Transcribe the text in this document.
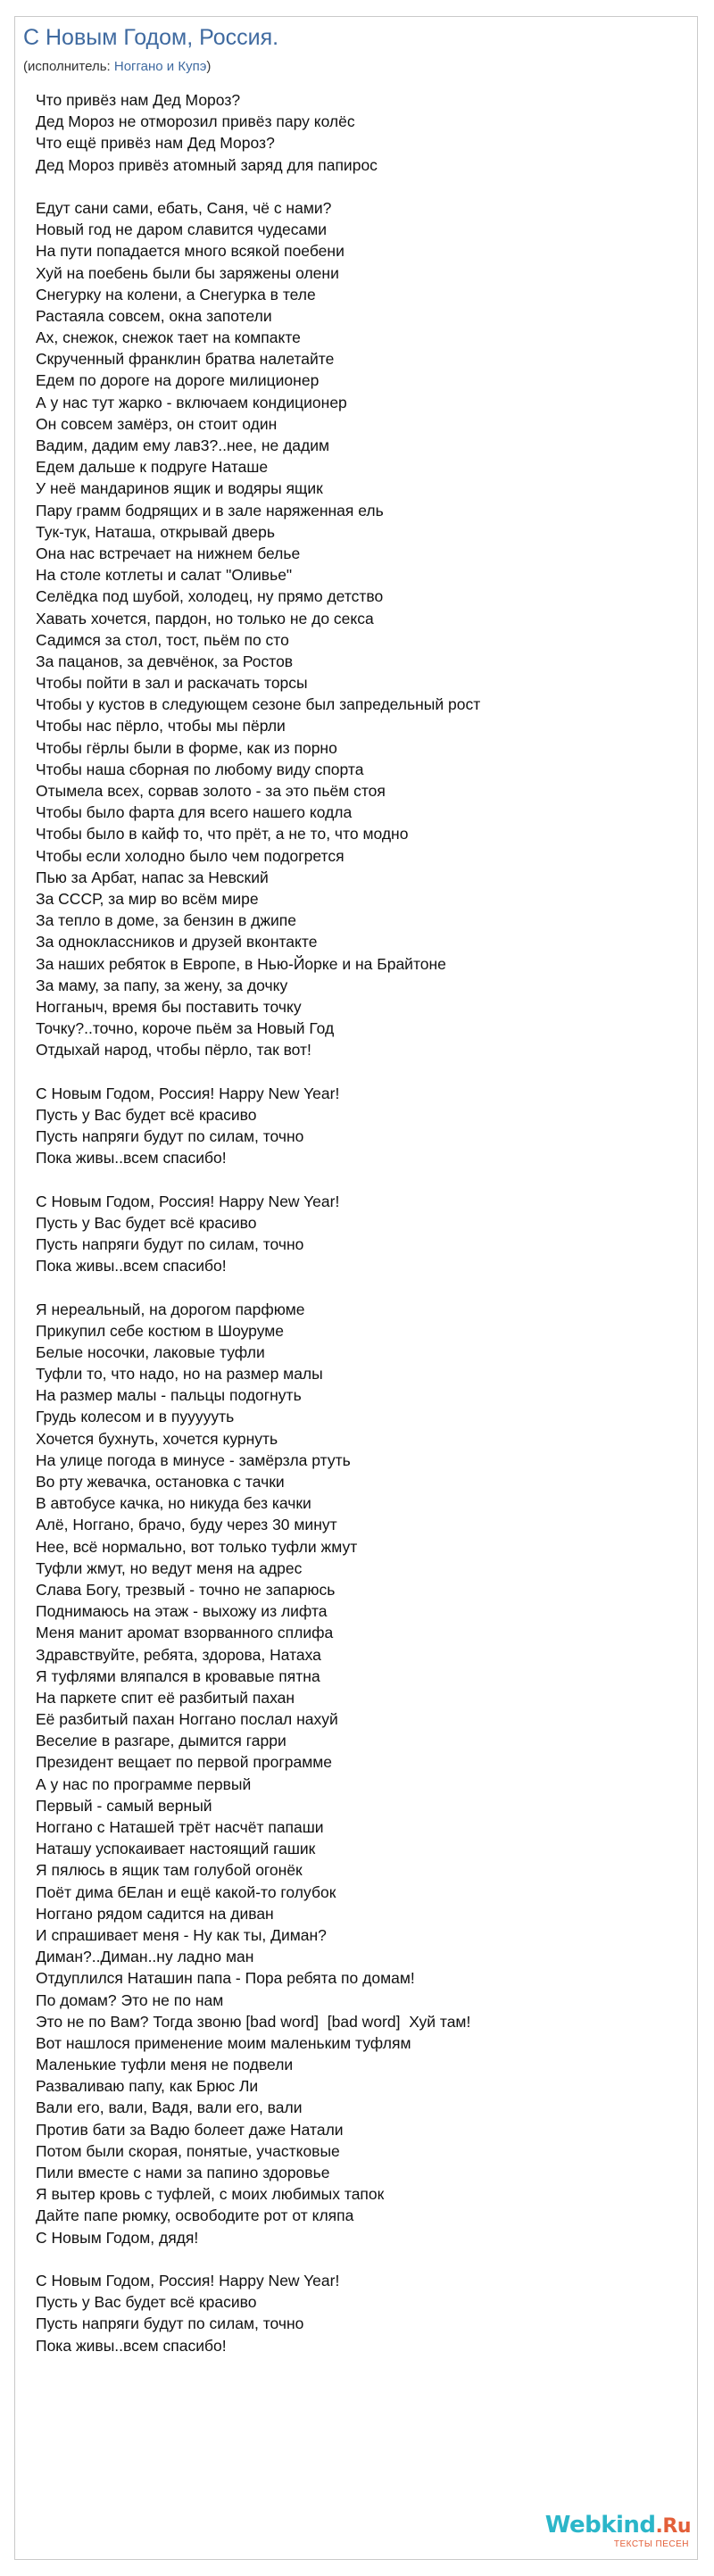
С Новым Годом, Россия.
(исполнитель: Ноггано и Купэ)
Что привёз нам Дед Мороз?
Дед Мороз не отморозил привёз пару колёс
Что ещё привёз нам Дед Мороз?
Дед Мороз привёз атомный заряд для папирос
Едут сани сами, ебать, Саня, чё с нами?
Новый год не даром славится чудесами
На пути попадается много всякой поебени
Хуй на поебень были бы заряжены олени
Снегурку на колени, а Снегурка в теле
Растаяла совсем, окна запотели
Ах, снежок, снежок тает на компакте
Скрученный франклин братва налетайте
Едем по дороге на дороге милиционер
А у нас тут жарко - включаем кондиционер
Он совсем замёрз, он стоит один
Вадим, дадим ему лав3?..нее, не дадим
Едем дальше к подруге Наташе
У неё мандаринов ящик и водяры ящик
Пару грамм бодрящих и в зале наряженная ель
Тук-тук, Наташа, открывай дверь
Она нас встречает на нижнем белье
На столе котлеты и салат "Оливье"
Селёдка под шубой, холодец, ну прямо детство
Хавать хочется, пардон, но только не до секса
Садимся за стол, тост, пьём по сто
За пацанов, за девчёнок, за Ростов
Чтобы пойти в зал и раскачать торсы
Чтобы у кустов в следующем сезоне был запредельный рост
Чтобы нас пёрло, чтобы мы пёрли
Чтобы гёрлы были в форме, как из порно
Чтобы наша сборная по любому виду спорта
Отымела всех, сорвав золото - за это пьём стоя
Чтобы было фарта для всего нашего кодла
Чтобы было в кайф то, что прёт, а не то, что модно
Чтобы если холодно было чем подогрется
Пью за Арбат, напас за Невский
За СССР, за мир во всём мире
За тепло в доме, за бензин в джипе
За одноклассников и друзей вконтакте
За наших ребяток в Европе, в Нью-Йорке и на Брайтоне
За маму, за папу, за жену, за дочку
Ногганыч, время бы поставить точку
Точку?..точно, короче пьём за Новый Год
Отдыхай народ, чтобы пёрло, так вот!
С Новым Годом, Россия! Happy New Year!
Пусть у Вас будет всё красиво
Пусть напряги будут по силам, точно
Пока живы..всем спасибо!
С Новым Годом, Россия! Happy New Year!
Пусть у Вас будет всё красиво
Пусть напряги будут по силам, точно
Пока живы..всем спасибо!
Я нереальный, на дорогом парфюме
Прикупил себе костюм в Шоуруме
Белые носочки, лаковые туфли
Туфли то, что надо, но на размер малы
На размер малы - пальцы подогнуть
Грудь колесом и в пуууууть
Хочется бухнуть, хочется курнуть
На улице погода в минусе - замёрзла ртуть
Во рту жевачка, остановка с тачки
В автобусе качка, но никуда без качки
Алё, Ноггано, брачо, буду через 30 минут
Нее, всё нормально, вот только туфли жмут
Туфли жмут, но ведут меня на адрес
Слава Богу, трезвый - точно не запарюсь
Поднимаюсь на этаж - выхожу из лифта
Меня манит аромат взорванного сплифа
Здравствуйте, ребята, здорова, Натаха
Я туфлями вляпался в кровавые пятна
На паркете спит её разбитый пахан
Её разбитый пахан Ноггано послал нахуй
Веселие в разгаре, дымится гарри
Президент вещает по первой программе
А у нас по программе первый
Первый - самый верный
Ноггано с Наташей трёт насчёт папаши
Наташу успокаивает настоящий гашик
Я пялюсь в ящик там голубой огонёк
Поёт дима бЕлан и ещё какой-то голубок
Ноггано рядом садится на диван
И спрашивает меня - Ну как ты, Диман?
Диман?..Диман..ну ладно ман
Отдуплился Наташин папа - Пора ребята по домам!
По домам? Это не по нам
Это не по Вам? Тогда звоню [bad word]  [bad word]  Хуй там!
Вот нашлося применение моим маленьким туфлям
Маленькие туфли меня не подвели
Разваливаю папу, как Брюс Ли
Вали его, вали, Вадя, вали его, вали
Против бати за Вадю болеет даже Натали
Потом были скорая, понятые, участковые
Пили вместе с нами за папино здоровье
Я вытер кровь с туфлей, с моих любимых тапок
Дайте папе рюмку, освободите рот от кляпа
С Новым Годом, дядя!
С Новым Годом, Россия! Happy New Year!
Пусть у Вас будет всё красиво
Пусть напряги будут по силам, точно
Пока живы..всем спасибо!
Webkind.Ru
ТЕКСТЫ ПЕСЕН
